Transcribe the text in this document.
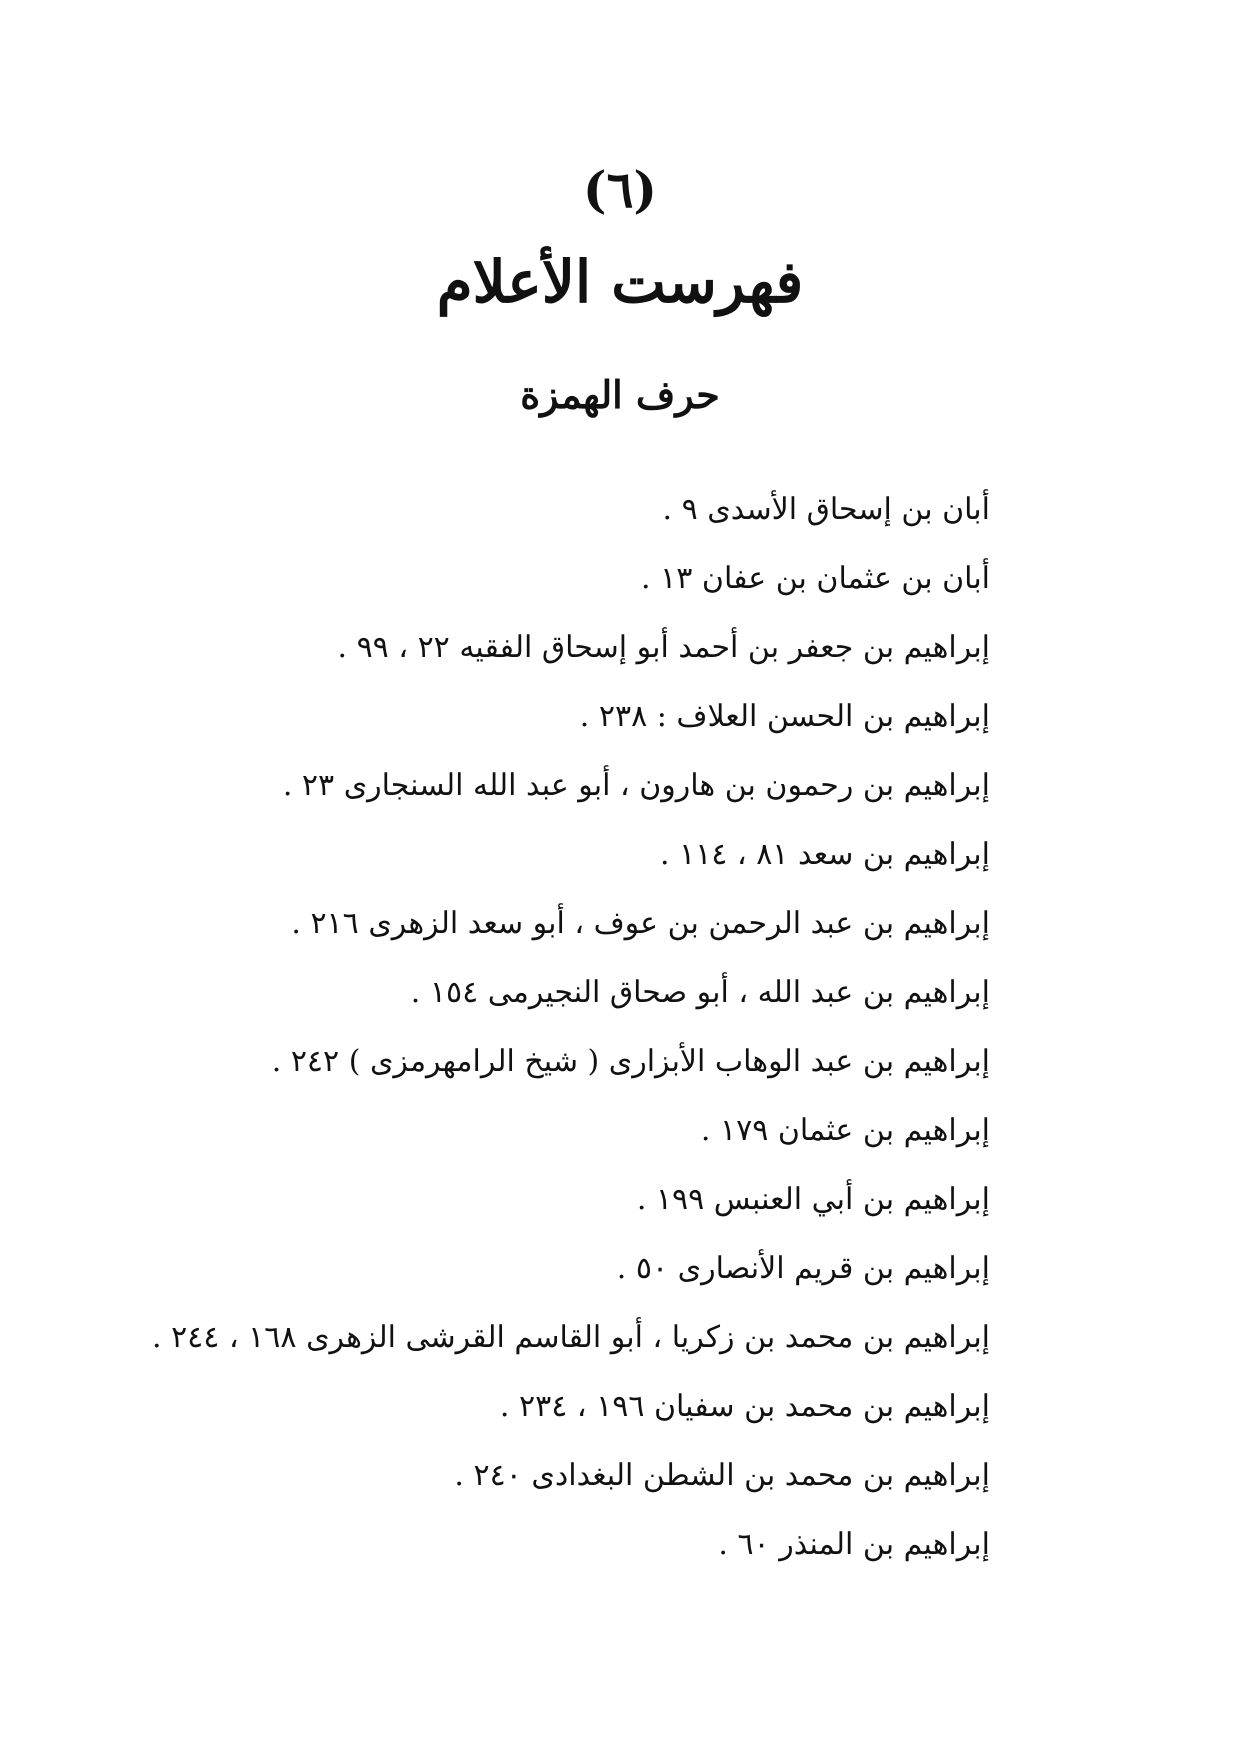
(٦)
فهرست الأعلام
حرف الهمزة
أبان بن إسحاق الأسدى ٩ .
أبان بن عثمان بن عفان ١٣ .
إبراهيم بن جعفر بن أحمد أبو إسحاق الفقيه ٢٢ ، ٩٩ .
إبراهيم بن الحسن العلاف : ٢٣٨ .
إبراهيم بن رحمون بن هارون ، أبو عبد الله السنجارى ٢٣ .
إبراهيم بن سعد ٨١ ، ١١٤ .
إبراهيم بن عبد الرحمن بن عوف ، أبو سعد الزهرى ٢١٦ .
إبراهيم بن عبد الله ، أبو صحاق النجيرمى ١٥٤ .
إبراهيم بن عبد الوهاب الأبزارى ( شيخ الرامهرمزى ) ٢٤٢ .
إبراهيم بن عثمان ١٧٩ .
إبراهيم بن أبي العنبس ١٩٩ .
إبراهيم بن قريم الأنصارى ٥٠ .
إبراهيم بن محمد بن زكريا ، أبو القاسم القرشى الزهرى ١٦٨ ، ٢٤٤ .
إبراهيم بن محمد بن سفيان ١٩٦ ، ٢٣٤ .
إبراهيم بن محمد بن الشطن البغدادى ٢٤٠ .
إبراهيم بن المنذر ٦٠ .
